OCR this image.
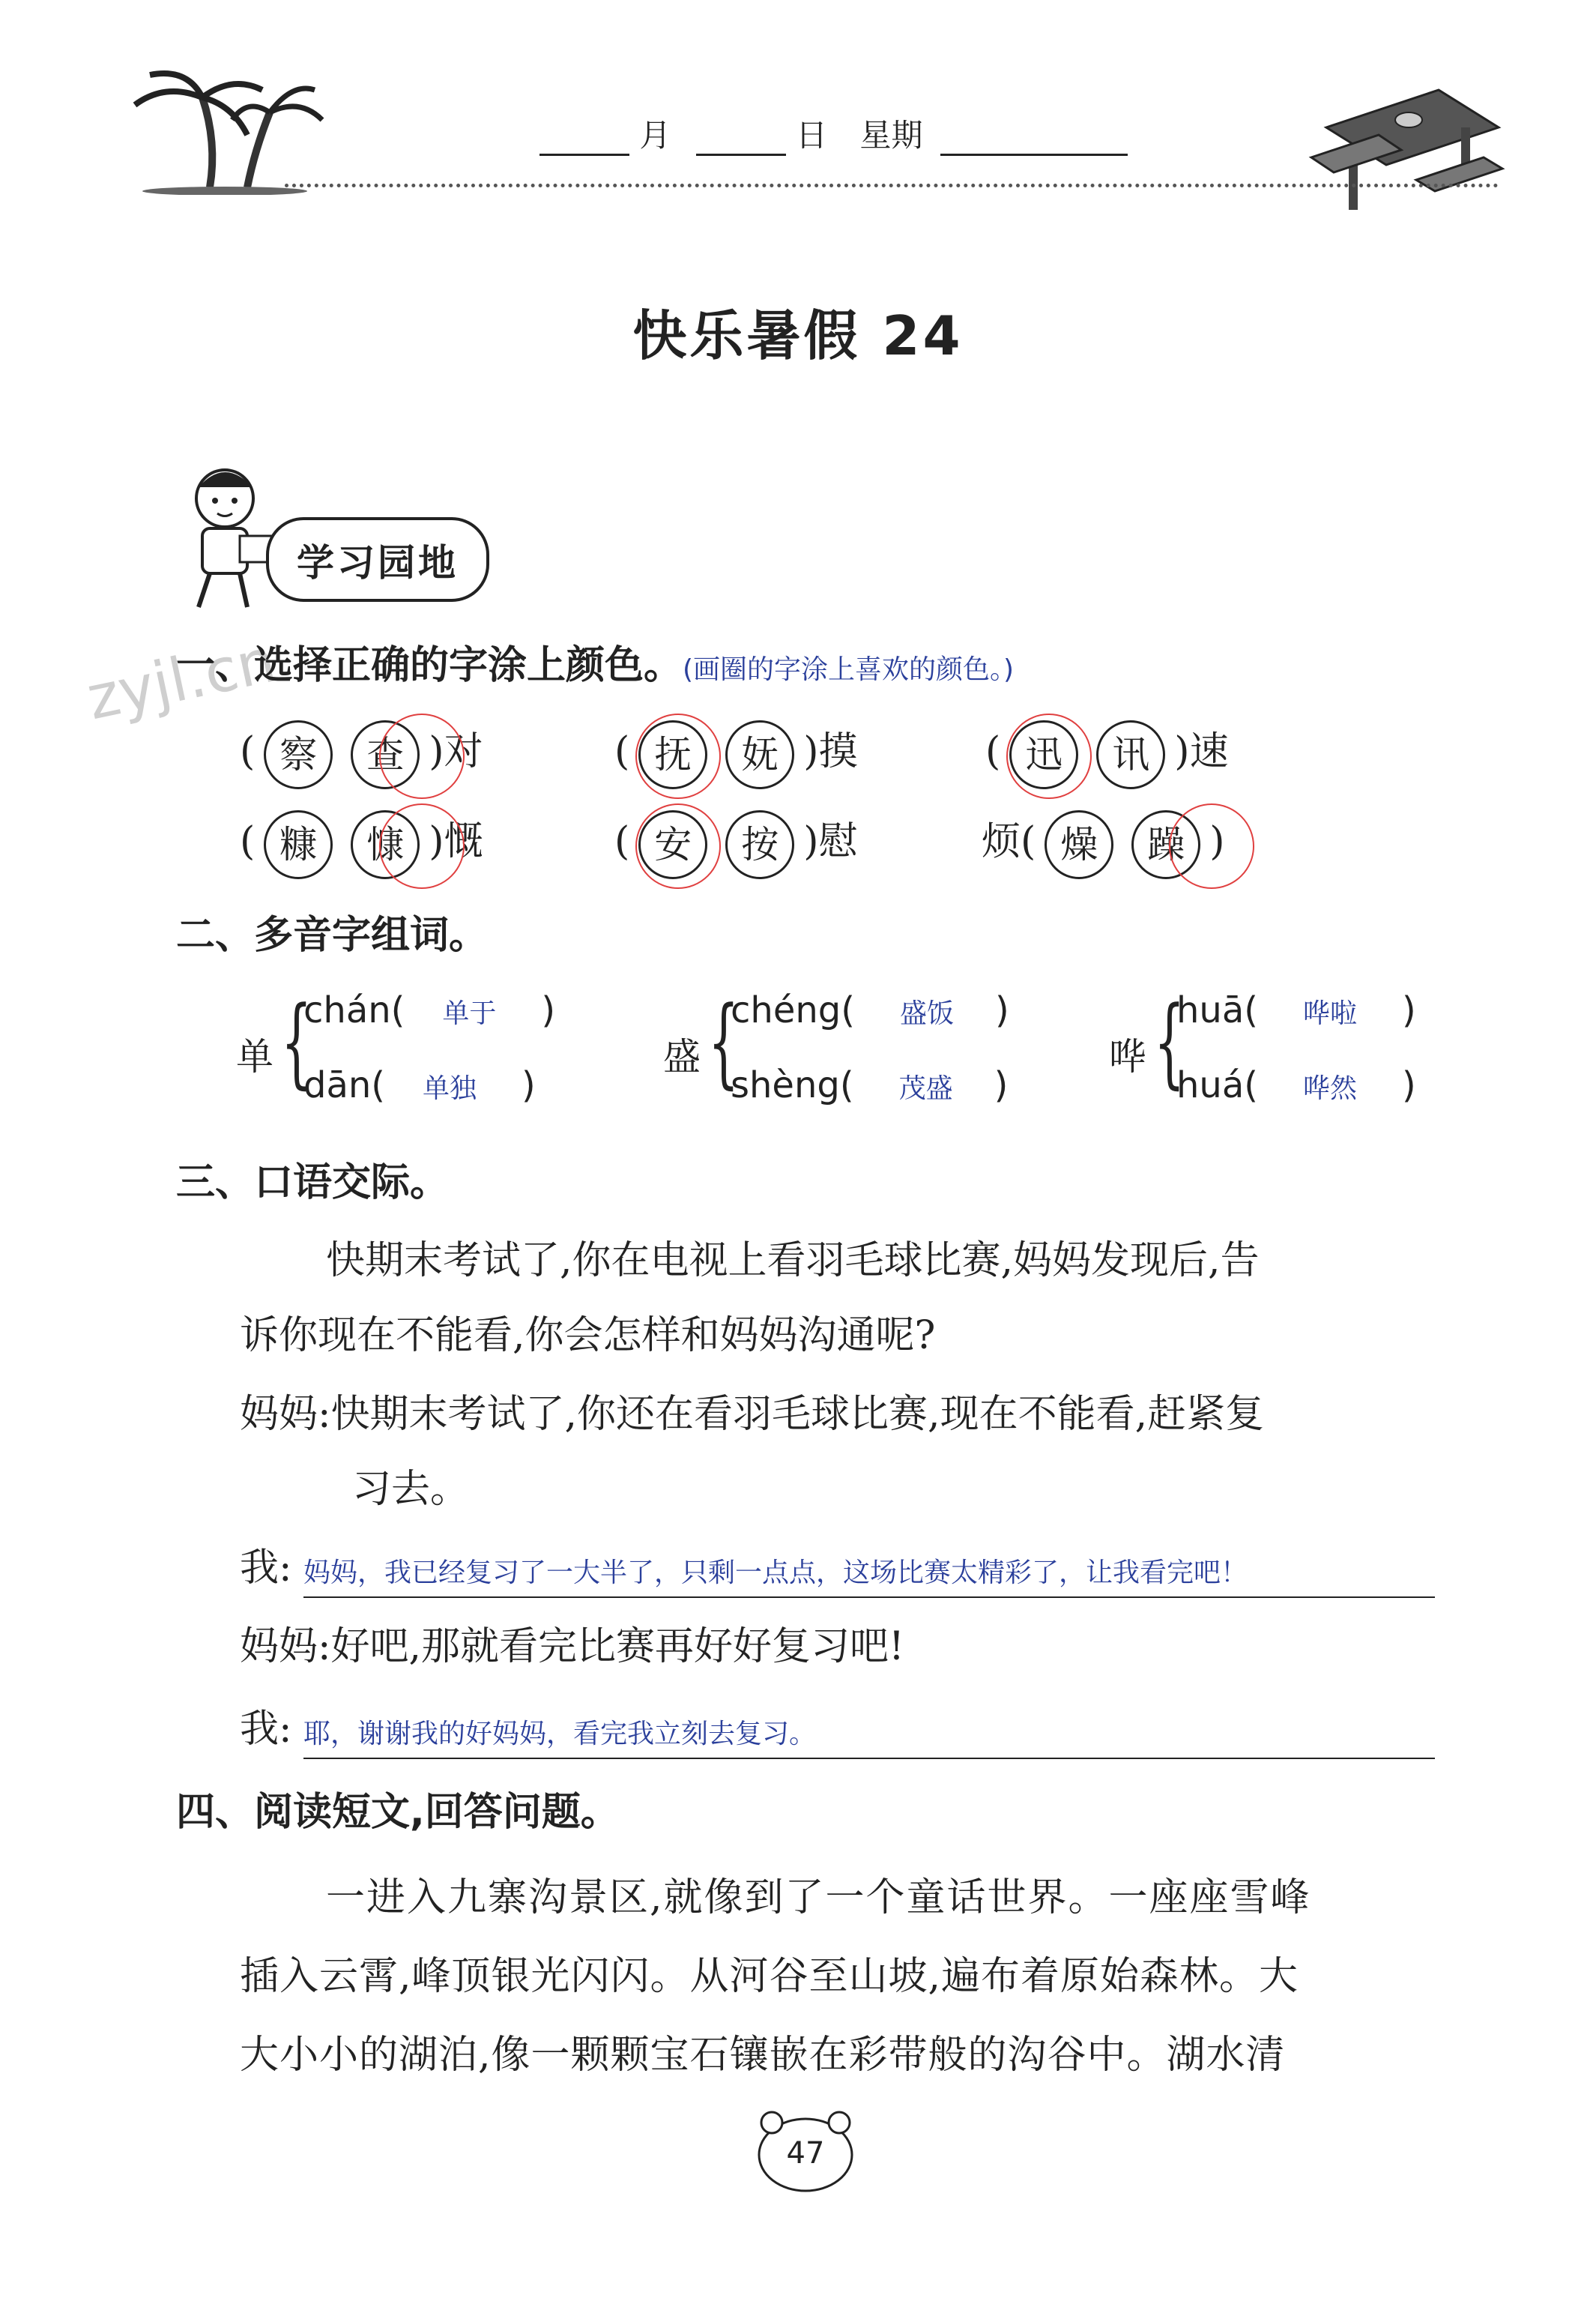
月	日 星期
快乐暑假 24
学习园地
zyjl.cn
一、选择正确的字涂上颜色。(画圈的字涂上喜欢的颜色。)
( 察 查 )对	( 抚 妩 )摸	( 迅 讯 )速
( 糠 慷 )慨	( 安 按 )慰	烦( 燥 躁 )
二、多音字组词。
单 {
chán( 单于 )
dān( 单独 )
盛 {
chéng( 盛饭 )
shèng( 茂盛 )
哗 {
huā( 哗啦 )
huá( 哗然 )
三、口语交际。
快期末考试了,你在电视上看羽毛球比赛,妈妈发现后,告
诉你现在不能看,你会怎样和妈妈沟通呢?
妈妈:快期末考试了,你还在看羽毛球比赛,现在不能看,赶紧复
习去。
我: 妈妈，我已经复习了一大半了，只剩一点点，这场比赛太精彩了，让我看完吧！
妈妈:好吧,那就看完比赛再好好复习吧!
我: 耶，谢谢我的好妈妈，看完我立刻去复习。
四、阅读短文,回答问题。
一进入九寨沟景区,就像到了一个童话世界。一座座雪峰
插入云霄,峰顶银光闪闪。从河谷至山坡,遍布着原始森林。大
大小小的湖泊,像一颗颗宝石镶嵌在彩带般的沟谷中。湖水清
47
